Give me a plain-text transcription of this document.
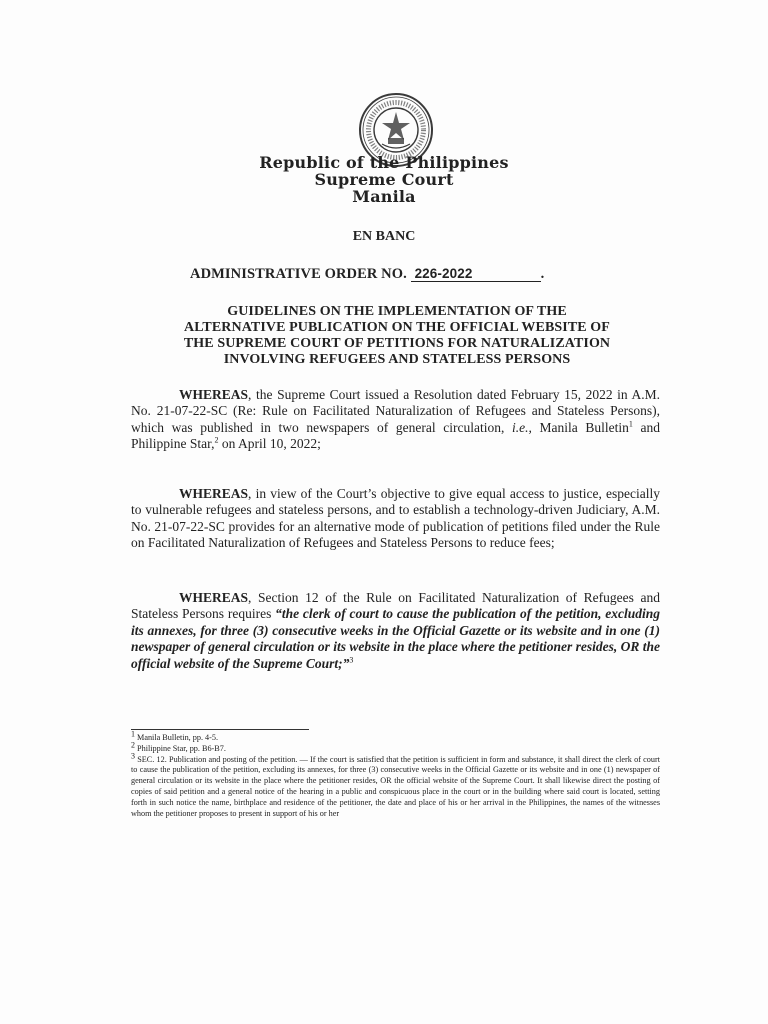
Republic of the Philippines
Supreme Court
Manila
EN BANC
ADMINISTRATIVE ORDER NO. 226-2022	.
GUIDELINES ON THE IMPLEMENTATION OF THE
ALTERNATIVE PUBLICATION ON THE OFFICIAL WEBSITE OF
THE SUPREME COURT OF PETITIONS FOR NATURALIZATION
INVOLVING REFUGEES AND STATELESS PERSONS
WHEREAS, the Supreme Court issued a Resolution dated February 15, 2022 in A.M. No. 21-07-22-SC (Re: Rule on Facilitated Naturalization of Refugees and Stateless Persons), which was published in two newspapers of general circulation, i.e., Manila Bulletin$^1$ and Philippine Star,$^2$ on April 10, 2022;
WHEREAS, in view of the Court’s objective to give equal access to justice, especially to vulnerable refugees and stateless persons, and to establish a technology-driven Judiciary, A.M. No. 21-07-22-SC provides for an alternative mode of publication of petitions filed under the Rule on Facilitated Naturalization of Refugees and Stateless Persons to reduce fees;
WHEREAS, Section 12 of the Rule on Facilitated Naturalization of Refugees and Stateless Persons requires “the clerk of court to cause the publication of the petition, excluding its annexes, for three (3) consecutive weeks in the Official Gazette or its website and in one (1) newspaper of general circulation or its website in the place where the petitioner resides, OR the official website of the Supreme Court;”$^3$

$^1$ Manila Bulletin, pp. 4-5.

$^2$ Philippine Star, pp. B6-B7.

$^3$ SEC. 12. Publication and posting of the petition. — If the court is satisfied that the petition is sufficient in form and substance, it shall direct the clerk of court to cause the publication of the petition, excluding its annexes, for three (3) consecutive weeks in the Official Gazette or its website and in one (1) newspaper of general circulation or its website in the place where the petitioner resides, OR the official website of the Supreme Court. It shall likewise direct the posting of copies of said petition and a general notice of the hearing in a public and conspicuous place in the court or in the building where said court is located, setting forth in such notice the name, birthplace and residence of the petitioner, the date and place of his or her arrival in the Philippines, the names of the witnesses whom the petitioner proposes to present in support of his or her
